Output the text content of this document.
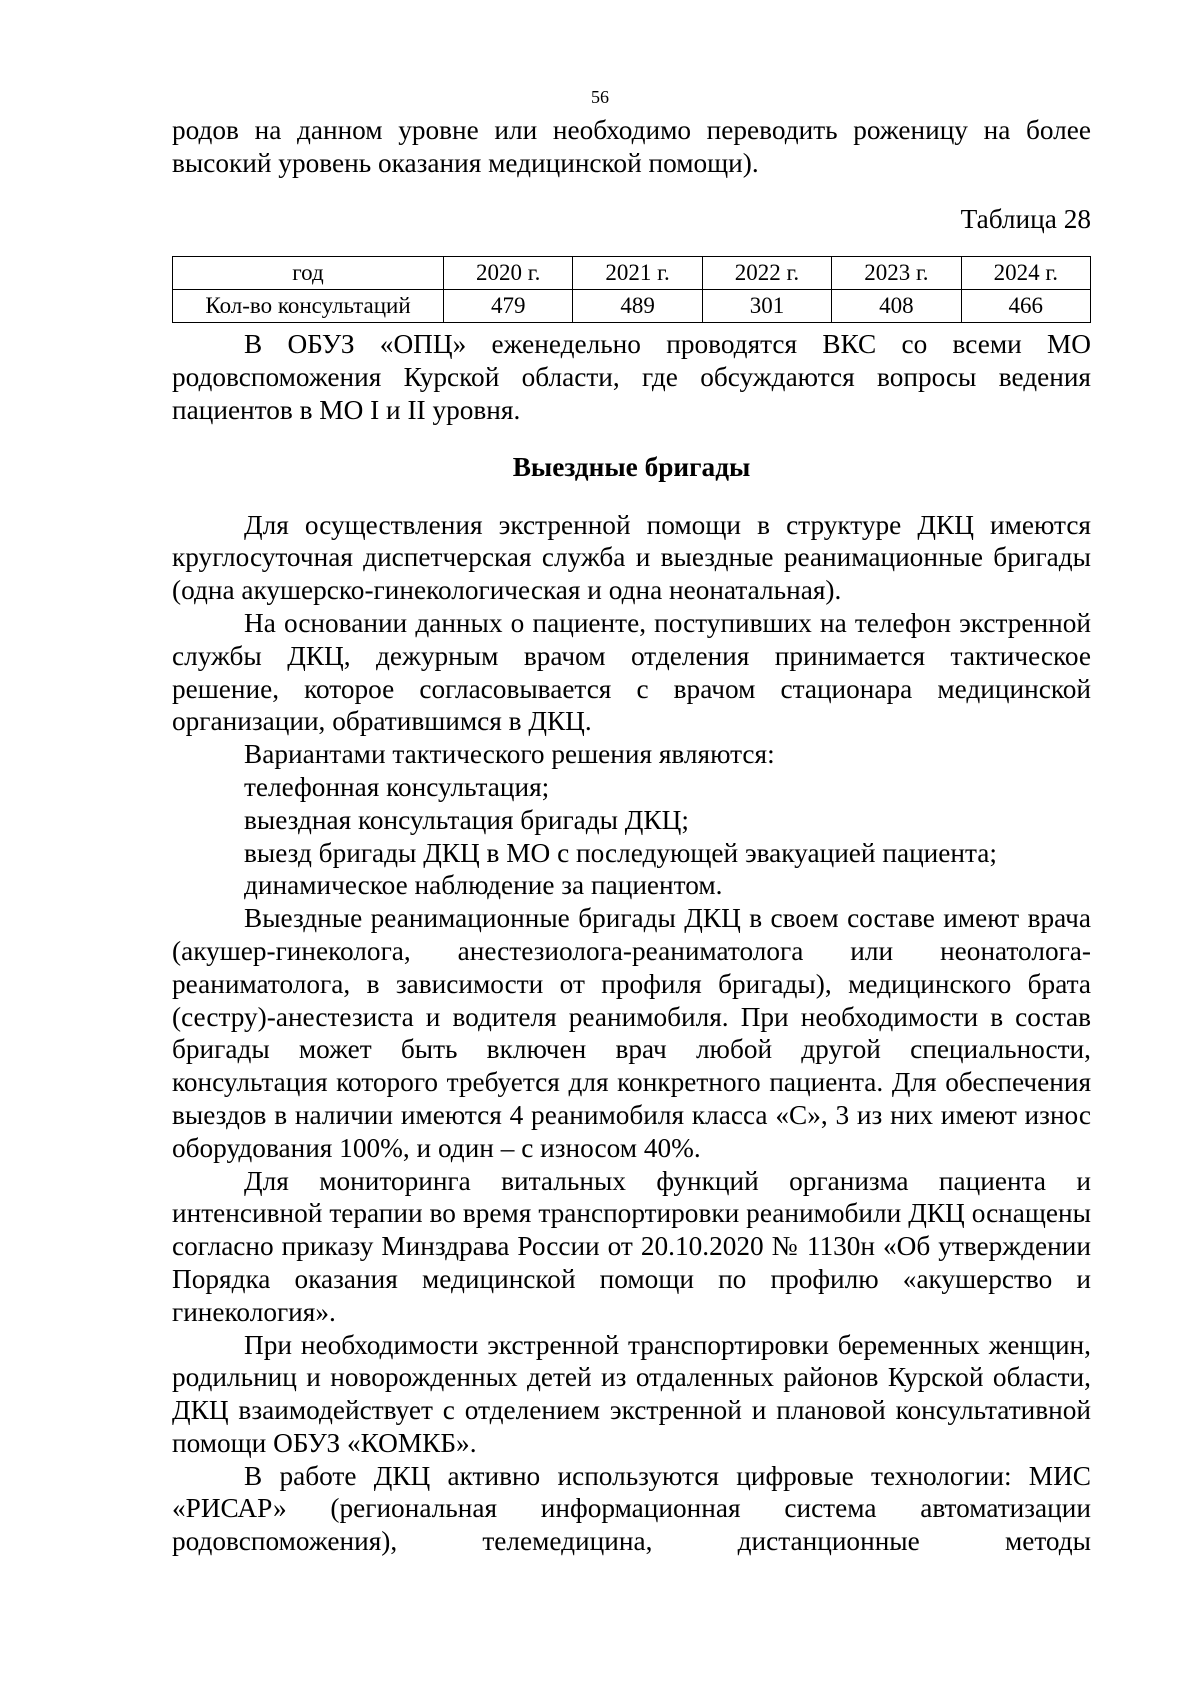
56

родов на данном уровне или необходимо переводить роженицу на более

высокий уровень оказания медицинской помощи).

Таблица 28

год	2020 г.	2021 г.	2022 г.	2023 г.	2024 г.
Кол-во консультаций	479	489	301	408	466

В ОБУЗ «ОПЦ» еженедельно проводятся ВКС со всеми МО родовспоможения Курской области, где обсуждаются вопросы ведения пациентов в МО I и II уровня.

Выездные бригады

Для осуществления экстренной помощи в структуре ДКЦ имеются круглосуточная диспетчерская служба и выездные реанимационные бригады (одна акушерско-гинекологическая и одна неонатальная).

На основании данных о пациенте, поступивших на телефон экстренной службы ДКЦ, дежурным врачом отделения принимается тактическое решение, которое согласовывается с врачом стационара медицинской организации, обратившимся в ДКЦ.

Вариантами тактического решения являются:

телефонная консультация;

выездная консультация бригады ДКЦ;

выезд бригады ДКЦ в МО с последующей эвакуацией пациента;

динамическое наблюдение за пациентом.

Выездные реанимационные бригады ДКЦ в своем составе имеют врача (акушер-гинеколога, анестезиолога-реаниматолога или неонатолога-реаниматолога, в зависимости от профиля бригады), медицинского брата (сестру)-анестезиста и водителя реанимобиля. При необходимости в состав бригады может быть включен врач любой другой специальности, консультация которого требуется для конкретного пациента. Для обеспечения выездов в наличии имеются 4 реанимобиля класса «С», 3 из них имеют износ оборудования 100%, и один – с износом 40%.

Для мониторинга витальных функций организма пациента и интенсивной терапии во время транспортировки реанимобили ДКЦ оснащены согласно приказу Минздрава России от 20.10.2020 № 1130н «Об утверждении Порядка оказания медицинской помощи по профилю «акушерство и гинекология».

При необходимости экстренной транспортировки беременных женщин, родильниц и новорожденных детей из отдаленных районов Курской области, ДКЦ взаимодействует с отделением экстренной и плановой консультативной помощи ОБУЗ «КОМКБ».

В работе ДКЦ активно используются цифровые технологии: МИС «РИСАР» (региональная информационная система автоматизации родовспоможения), телемедицина, дистанционные методы
